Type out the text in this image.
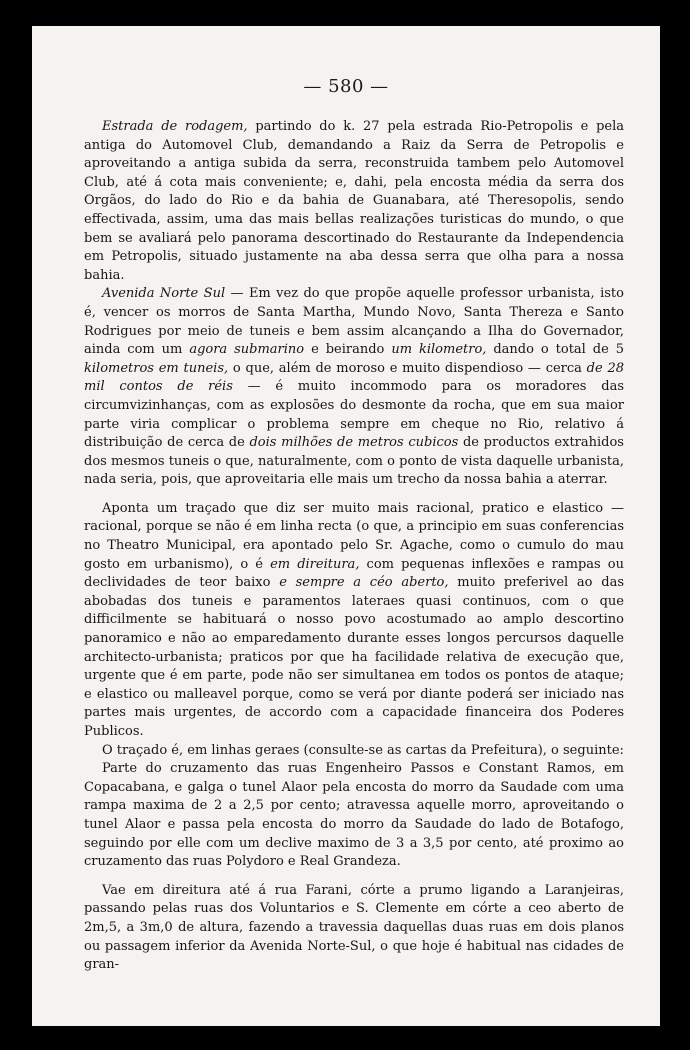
— 580 —

Estrada de rodagem, partindo do k. 27 pela estrada Rio-Petropolis e pela antiga do Automovel Club, demandando a Raiz da Serra de Petropolis e aproveitando a antiga subida da serra, reconstruida tambem pelo Automovel Club, até á cota mais conveniente; e, dahi, pela encosta média da serra dos Orgãos, do lado do Rio e da bahia de Guanabara, até Theresopolis, sendo effectivada, assim, uma das mais bellas realizações turisticas do mundo, o que bem se avaliará pelo panorama descortinado do Restaurante da Independencia em Petropolis, situado justamente na aba dessa serra que olha para a nossa bahia.

Avenida Norte Sul — Em vez do que propõe aquelle professor urbanista, isto é, vencer os morros de Santa Martha, Mundo Novo, Santa Thereza e Santo Rodrigues por meio de tuneis e bem assim alcançando a Ilha do Governador, ainda com um agora submarino e beirando um kilometro, dando o total de 5 kilometros em tuneis, o que, além de moroso e muito dispendioso — cerca de 28 mil contos de réis — é muito incommodo para os moradores das circumvizinhanças, com as explosões do desmonte da rocha, que em sua maior parte viria complicar o problema sempre em cheque no Rio, relativo á distribuição de cerca de dois milhões de metros cubicos de productos extrahidos dos mesmos tuneis o que, naturalmente, com o ponto de vista daquelle urbanista, nada seria, pois, que aproveitaria elle mais um trecho da nossa bahia a aterrar.

Aponta um traçado que diz ser muito mais racional, pratico e elastico — racional, porque se não é em linha recta (o que, a principio em suas conferencias no Theatro Municipal, era apontado pelo Sr. Agache, como o cumulo do mau gosto em urbanismo), o é em direitura, com pequenas inflexões e rampas ou declividades de teor baixo e sempre a céo aberto, muito preferivel ao das abobadas dos tuneis e paramentos lateraes quasi continuos, com o que difficilmente se habituará o nosso povo acostumado ao amplo descortino panoramico e não ao emparedamento durante esses longos percursos daquelle architecto-urbanista; praticos por que ha facilidade relativa de execução que, urgente que é em parte, pode não ser simultanea em todos os pontos de ataque; e elastico ou malleavel porque, como se verá por diante poderá ser iniciado nas partes mais urgentes, de accordo com a capacidade financeira dos Poderes Publicos.

O traçado é, em linhas geraes (consulte-se as cartas da Prefeitura), o seguinte:

Parte do cruzamento das ruas Engenheiro Passos e Constant Ramos, em Copacabana, e galga o tunel Alaor pela encosta do morro da Saudade com uma rampa maxima de 2 a 2,5 por cento; atravessa aquelle morro, aproveitando o tunel Alaor e passa pela encosta do morro da Saudade do lado de Botafogo, seguindo por elle com um declive maximo de 3 a 3,5 por cento, até proximo ao cruzamento das ruas Polydoro e Real Grandeza.

Vae em direitura até á rua Farani, córte a prumo ligando a Laranjeiras, passando pelas ruas dos Voluntarios e S. Clemente em córte a ceo aberto de 2m,5, a 3m,0 de altura, fazendo a travessia daquellas duas ruas em dois planos ou passagem inferior da Avenida Norte-Sul, o que hoje é habitual nas cidades de gran-
